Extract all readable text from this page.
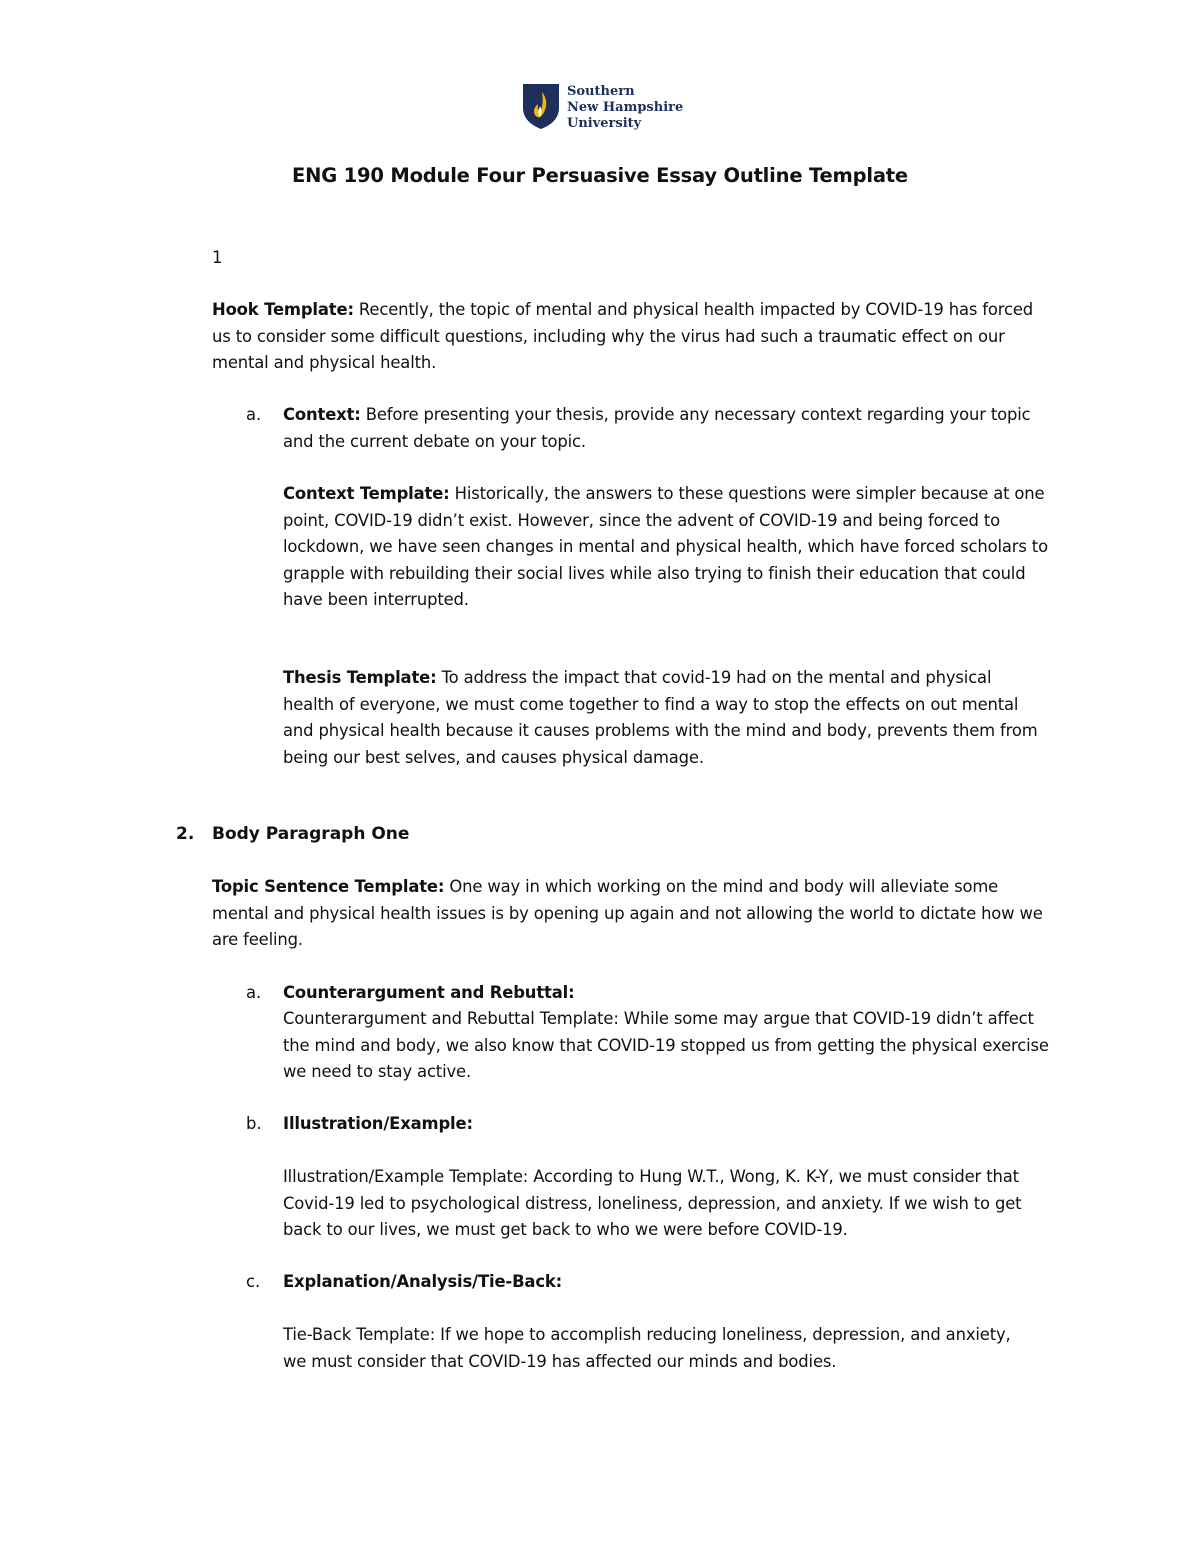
Southern
New Hampshire
University
ENG 190 Module Four Persuasive Essay Outline Template
1

Hook Template: Recently, the topic of mental and physical health impacted by COVID-19 has forced us to consider some difficult questions, including why the virus had such a traumatic effect on our mental and physical health.

a. Context: Before presenting your thesis, provide any necessary context regarding your topic and the current debate on your topic.

Context Template: Historically, the answers to these questions were simpler because at one point, COVID-19 didn’t exist. However, since the advent of COVID-19 and being forced to lockdown, we have seen changes in mental and physical health, which have forced scholars to grapple with rebuilding their social lives while also trying to finish their education that could have been interrupted.

Thesis Template: To address the impact that covid-19 had on the mental and physical health of everyone, we must come together to find a way to stop the effects on out mental and physical health because it causes problems with the mind and body, prevents them from being our best selves, and causes physical damage.

2. Body Paragraph One

Topic Sentence Template: One way in which working on the mind and body will alleviate some mental and physical health issues is by opening up again and not allowing the world to dictate how we are feeling.

a. Counterargument and Rebuttal:

Counterargument and Rebuttal Template: While some may argue that COVID-19 didn’t affect the mind and body, we also know that COVID-19 stopped us from getting the physical exercise we need to stay active.

b. Illustration/Example:

Illustration/Example Template: According to Hung W.T., Wong, K. K-Y, we must consider that Covid-19 led to psychological distress, loneliness, depression, and anxiety. If we wish to get back to our lives, we must get back to who we were before COVID-19.

c. Explanation/Analysis/Tie-Back:

Tie-Back Template: If we hope to accomplish reducing loneliness, depression, and anxiety, we must consider that COVID-19 has affected our minds and bodies.
